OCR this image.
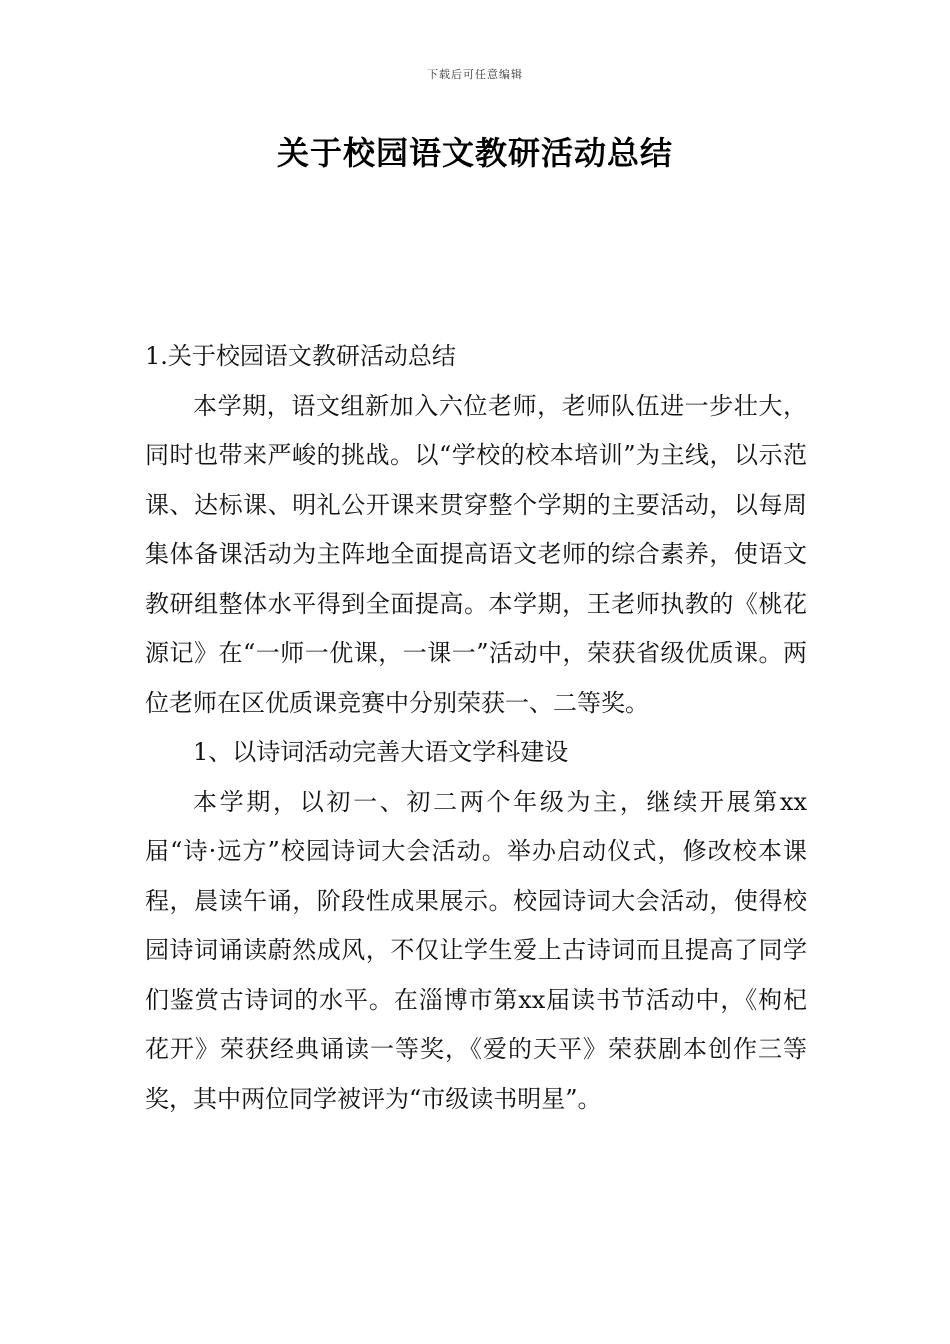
下载后可任意编辑
关于校园语文教研活动总结

1.关于校园语文教研活动总结

本学期，语文组新加入六位老师，老师队伍进一步壮大，同时也带来严峻的挑战。以“学校的校本培训”为主线，以示范课、达标课、明礼公开课来贯穿整个学期的主要活动，以每周集体备课活动为主阵地全面提高语文老师的综合素养，使语文教研组整体水平得到全面提高。本学期，王老师执教的《桃花源记》在“一师一优课，一课一”活动中，荣获省级优质课。两位老师在区优质课竞赛中分别荣获一、二等奖。

1、以诗词活动完善大语文学科建设

本学期，以初一、初二两个年级为主，继续开展第xx届“诗·远方”校园诗词大会活动。举办启动仪式，修改校本课程，晨读午诵，阶段性成果展示。校园诗词大会活动，使得校园诗词诵读蔚然成风，不仅让学生爱上古诗词而且提高了同学们鉴赏古诗词的水平。在淄博市第xx届读书节活动中，《枸杞花开》荣获经典诵读一等奖，《爱的天平》荣获剧本创作三等奖，其中两位同学被评为“市级读书明星”。
